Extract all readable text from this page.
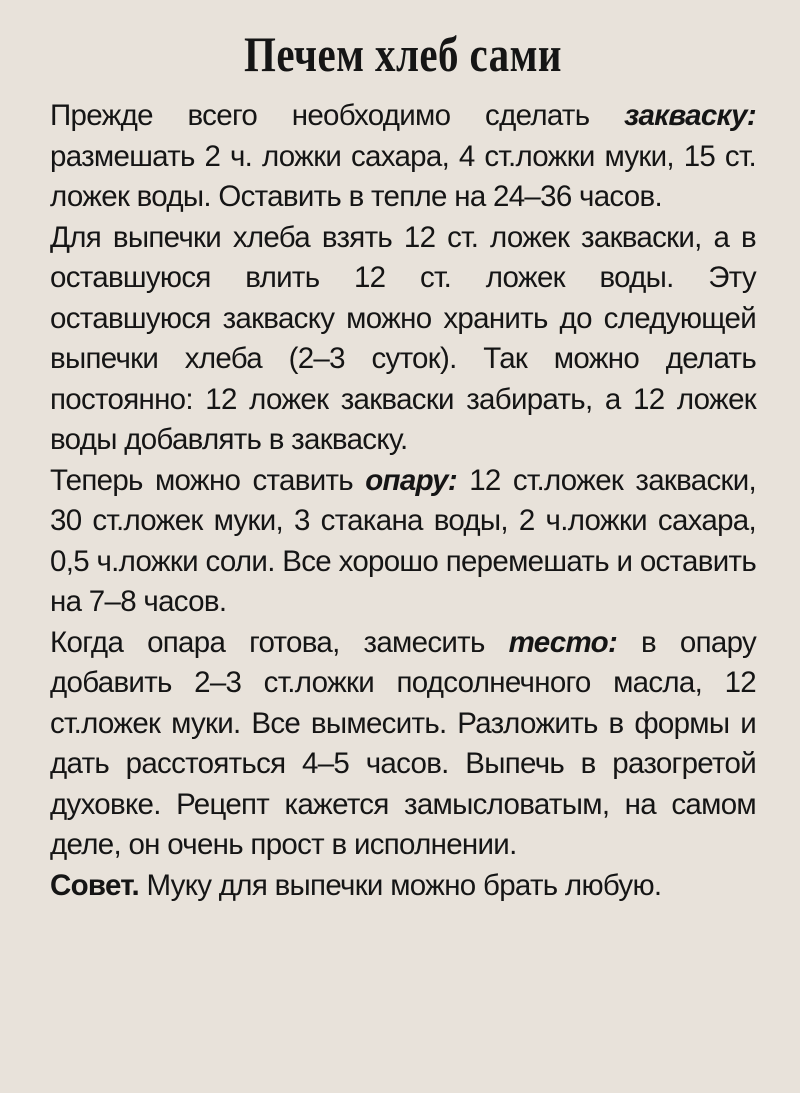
Печем хлеб сами

Прежде всего необходимо сделать закваску: размешать 2 ч. ложки сахара, 4 ст.ложки муки, 15 ст. ложек воды. Оставить в тепле на 24–36 часов.

Для выпечки хлеба взять 12 ст. ложек закваски, а в оставшуюся влить 12 ст. ложек воды. Эту оставшуюся закваску можно хранить до следующей выпечки хлеба (2–3 суток). Так можно делать постоянно: 12 ложек закваски забирать, а 12 ложек воды добавлять в закваску.

Теперь можно ставить опару: 12 ст.ложек закваски, 30 ст.ложек муки, 3 стакана воды, 2 ч.ложки сахара, 0,5 ч.ложки соли. Все хорошо перемешать и оставить на 7–8 часов.

Когда опара готова, замесить тесто: в опару добавить 2–3 ст.ложки подсолнечного масла, 12 ст.ложек муки. Все вымесить. Разложить в формы и дать расстояться 4–5 часов. Выпечь в разогретой духовке. Рецепт кажется замысловатым, на самом деле, он очень прост в исполнении.

Совет. Муку для выпечки можно брать любую.
